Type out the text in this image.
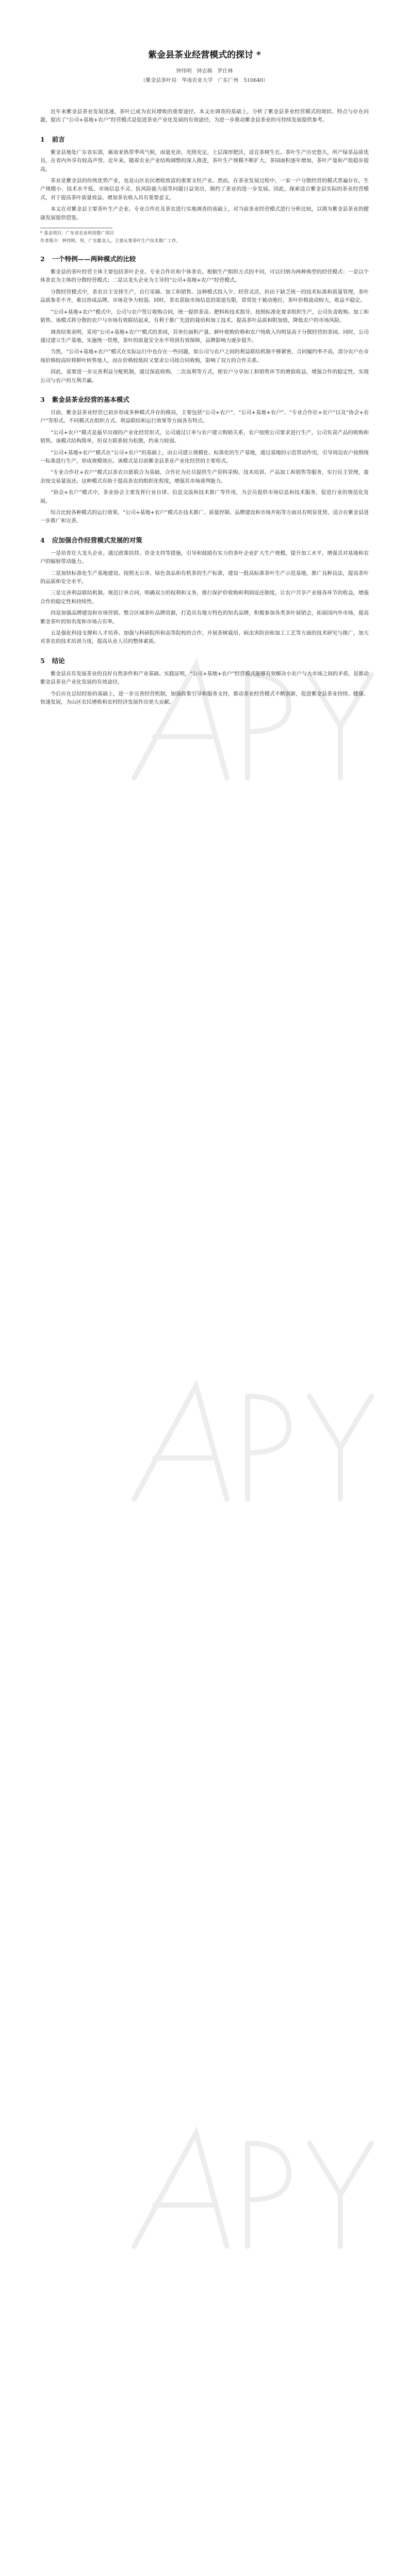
紫金县茶业经营模式的探讨 *

钟伟明　钟志棉　罗仕林

（紫金县茶叶局　华南农业大学　广东广州　510640）

近年来紫金县茶业发展迅速，茶叶已成为农民增收的重要途径。本文在调查的基础上，分析了紫金县茶业经营模式的现状、特点与存在问题，提出了“公司+基地+农户”经营模式是促进茶业产业化发展的有效途径，为进一步推动紫金县茶业的可持续发展提供参考。

1 前言

紫金县地处广东省东部，属南亚热带季风气候，雨量充沛，光照充足，土层深厚肥沃，适宜茶树生长。茶叶生产历史悠久，所产绿茶品质优良，在省内外享有较高声誉。近年来，随着农业产业结构调整的深入推进，茶叶生产规模不断扩大，茶园面积逐年增加，茶叶产量和产值稳步提高。

茶业是紫金县的传统优势产业，也是山区农民增收致富的重要支柱产业。然而，在茶业发展过程中，一家一户分散经营的模式普遍存在，生产规模小、技术水平低、市场信息不灵、抗风险能力弱等问题日益突出，制约了茶业的进一步发展。因此，探索适合紫金县实际的茶业经营模式，对于提高茶叶质量效益、增加茶农收入具有重要意义。

本文在对紫金县主要茶叶生产企业、专业合作社及茶农进行实地调查的基础上，对当前茶业经营模式进行分析比较，以期为紫金县茶业的健康发展提供借鉴。

* 基金项目：广东省农业科技推广项目

作者简介：钟伟明，男，广东紫金人，主要从事茶叶生产技术推广工作。

2 一个特例——两种模式的比较

紫金县的茶叶经营主体主要包括茶叶企业、专业合作社和个体茶农。根据生产组织方式的不同，可以归纳为两种典型的经营模式：一是以个体茶农为主体的分散经营模式；二是以龙头企业为主导的“公司+基地+农户”经营模式。

分散经营模式中，茶农自主安排生产，自行采摘、加工和销售。这种模式投入少、经营灵活，但由于缺乏统一的技术标准和质量管理，茶叶品质参差不齐，难以形成品牌，市场竞争力较弱。同时，茶农获取市场信息的渠道有限，常常处于被动地位，茶叶价格波动较大，收益不稳定。

“公司+基地+农户”模式中，公司与农户签订收购合同，统一提供茶苗、肥料和技术指导，按照标准化要求组织生产，公司负责收购、加工和销售。该模式将分散的农户与市场有效联结起来，有利于推广先进的栽培和加工技术，提高茶叶品质和附加值，降低农户的市场风险。

调查结果表明，采用“公司+基地+农户”模式的茶园，其单位面积产量、鲜叶收购价格和农户纯收入均明显高于分散经营的茶园。同时，公司通过建立生产基地，实施统一管理，茶叶的质量安全水平得到有效保障，品牌影响力逐步提升。

当然，“公司+基地+农户”模式在实际运行中也存在一些问题，如公司与农户之间的利益联结机制不够紧密，合同履约率不高，部分农户在市场价格较高时将鲜叶转售他人，而在价格较低时又要求公司按合同收购，影响了双方的合作关系。

因此，需要进一步完善利益分配机制，通过保底收购、二次返利等方式，使农户分享加工和销售环节的增值收益，增强合作的稳定性，实现公司与农户的互利共赢。

3 紫金县茶业经营的基本模式

目前，紫金县茶业经营已初步形成多种模式并存的格局，主要包括“公司+农户”、“公司+基地+农户”、“专业合作社+农户”以及“协会+农户”等形式。不同模式在组织方式、利益联结和运行效果等方面各有特点。

“公司+农户”模式是最早出现的产业化经营形式，公司通过订单与农户建立购销关系，农户按照公司要求进行生产，公司负责产品的收购和销售。该模式结构简单，但双方联系较为松散，约束力较弱。

“公司+基地+农户”模式在“公司+农户”的基础上，由公司建立规模化、标准化的生产基地，通过基地的示范带动作用，引导周边农户按照统一标准进行生产，形成规模效应。该模式是目前紫金县茶业产业化经营的主要形式。

“专业合作社+农户”模式以茶农自愿联合为基础，合作社为社员提供生产资料采购、技术培训、产品加工和销售等服务，实行民主管理，盈余按交易量返还。这种模式有助于提高茶农的组织化程度，增强其市场谈判能力。

“协会+农户”模式中，茶业协会主要发挥行业自律、信息交流和技术推广等作用，为会员提供市场信息和技术服务，促进行业的规范化发展。

综合比较各种模式的运行效果，“公司+基地+农户”模式在技术推广、质量控制、品牌建设和市场开拓等方面具有明显优势，适合在紫金县进一步推广和完善。

4 应加强合作经营模式发展的对策

一是培育壮大龙头企业。通过政策扶持、资金支持等措施，引导和鼓励有实力的茶叶企业扩大生产规模，提升加工水平，增强其对基地和农户的辐射带动能力。

二是加快标准化生产基地建设。按照无公害、绿色食品和有机茶的生产标准，建设一批高标准茶叶生产示范基地，推广良种良法，提高茶叶的品质和安全水平。

三是完善利益联结机制。规范订单合同，明确双方的权利和义务，推行保护价收购和利润返还制度，让农户共享产业链各环节的收益，增强合作的稳定性和持续性。

四是加强品牌建设和市场营销。整合区域茶叶品牌资源，打造具有地方特色的知名品牌，积极参加各类茶叶展销会，拓展国内外市场，提高紫金茶叶的知名度和市场占有率。

五是强化科技支撑和人才培养。加强与科研院所和高等院校的合作，开展茶树栽培、病虫害防治和加工工艺等方面的技术研究与推广，加大对茶农的技术培训力度，提高从业人员的整体素质。

5 结论

紫金县具有发展茶业的良好自然条件和产业基础。实践证明，“公司+基地+农户”经营模式能够有效解决小农户与大市场之间的矛盾，是推动紫金县茶业产业化发展的有效途径。

今后应在总结经验的基础上，进一步完善经营机制，加强政策引导和服务支持，推动茶业经营模式不断创新，促进紫金县茶业持续、健康、快速发展，为山区农民增收和农村经济发展作出更大贡献。
